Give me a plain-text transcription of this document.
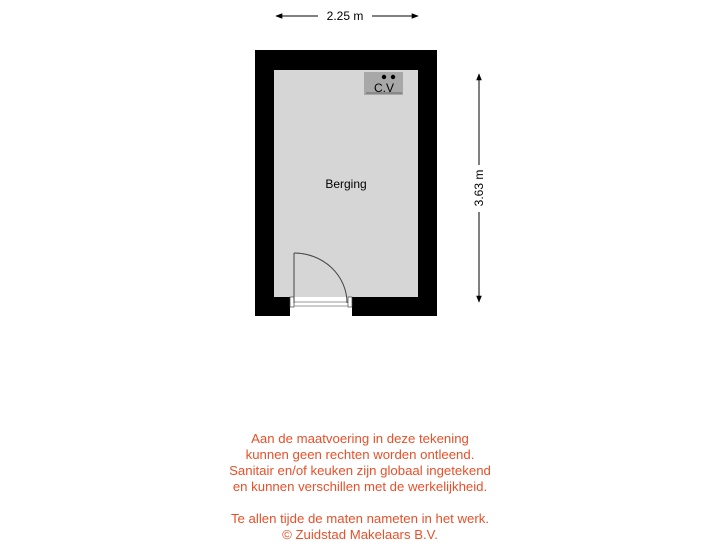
2.25 m
3.63 m
C.V
Berging
Aan de maatvoering in deze tekening
kunnen geen rechten worden ontleend.
Sanitair en/of keuken zijn globaal ingetekend
en kunnen verschillen met de werkelijkheid.
Te allen tijde de maten nameten in het werk.
© Zuidstad Makelaars B.V.
